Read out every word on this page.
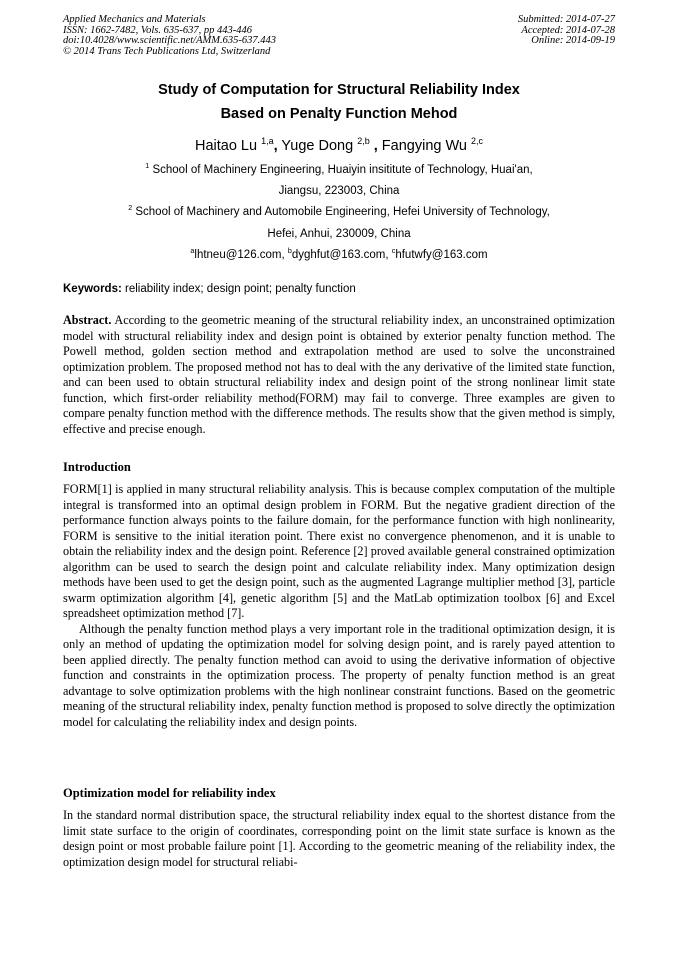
Applied Mechanics and Materials
ISSN: 1662-7482, Vols. 635-637, pp 443-446
doi:10.4028/www.scientific.net/AMM.635-637.443
© 2014 Trans Tech Publications Ltd, Switzerland
Submitted: 2014-07-27
Accepted: 2014-07-28
Online: 2014-09-19
Study of Computation for Structural Reliability Index
Based on Penalty Function Mehod
Haitao Lu $^{1,a}$, Yuge Dong $^{2,b}$ , Fangying Wu $^{2,c}$
$^1$ School of Machinery Engineering, Huaiyin insititute of Technology, Huai'an,
Jiangsu, 223003, China
$^2$ School of Machinery and Automobile Engineering, Hefei University of Technology,
Hefei, Anhui, 230009, China
$^a$lhtneu@126.com, $^b$dyghfut@163.com, $^c$hfutwfy@163.com
Keywords: reliability index; design point; penalty function

Abstract. According to the geometric meaning of the structural reliability index, an unconstrained optimization model with structural reliability index and design point is obtained by exterior penalty function method. The Powell method, golden section method and extrapolation method are used to solve the unconstrained optimization problem. The proposed method not has to deal with the any derivative of the limited state function, and can been used to obtain structural reliability index and design point of the strong nonlinear limit state function, which first-order reliability method(FORM) may fail to converge. Three examples are given to compare penalty function method with the difference methods. The results show that the given method is simply, effective and precise enough.

Introduction

FORM[1] is applied in many structural reliability analysis. This is because complex computation of the multiple integral is transformed into an optimal design problem in FORM. But the negative gradient direction of the performance function always points to the failure domain, for the performance function with high nonlinearity, FORM is sensitive to the initial iteration point. There exist no convergence phenomenon, and it is unable to obtain the reliability index and the design point. Reference [2] proved available general constrained optimization algorithm can be used to search the design point and calculate reliability index. Many optimization design methods have been used to get the design point, such as the augmented Lagrange multiplier method [3], particle swarm optimization algorithm [4], genetic algorithm [5] and the MatLab optimization toolbox [6] and Excel spreadsheet optimization method [7].

Although the penalty function method plays a very important role in the traditional optimization design, it is only an method of updating the optimization model for solving design point, and is rarely payed attention to been applied directly. The penalty function method can avoid to using the derivative information of objective function and constraints in the optimization process. The property of penalty function method is an great advantage to solve optimization problems with the high nonlinear constraint functions. Based on the geometric meaning of the structural reliability index, penalty function method is proposed to solve directly the optimization model for calculating the reliability index and design points.

Optimization model for reliability index

In the standard normal distribution space, the structural reliability index equal to the shortest distance from the limit state surface to the origin of coordinates, corresponding point on the limit state surface is known as the design point or most probable failure point [1]. According to the geometric meaning of the reliability index, the optimization design model for structural reliabi-
